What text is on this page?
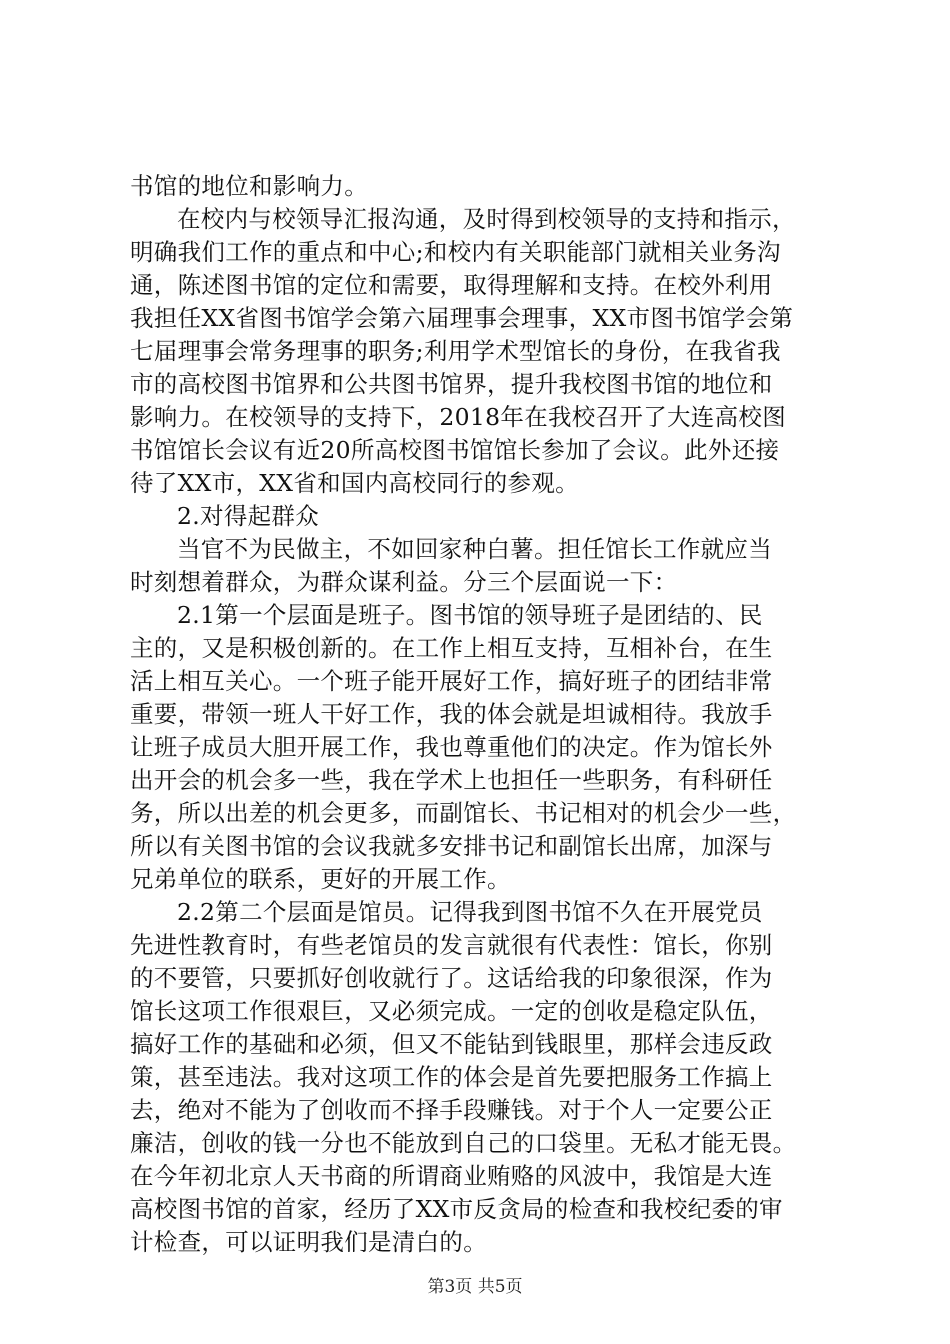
书馆的地位和影响力。
在校内与校领导汇报沟通，及时得到校领导的支持和指示，
明确我们工作的重点和中心;和校内有关职能部门就相关业务沟
通，陈述图书馆的定位和需要，取得理解和支持。在校外利用
我担任XX省图书馆学会第六届理事会理事，XX市图书馆学会第
七届理事会常务理事的职务;利用学术型馆长的身份，在我省我
市的高校图书馆界和公共图书馆界，提升我校图书馆的地位和
影响力。在校领导的支持下，2018年在我校召开了大连高校图
书馆馆长会议有近20所高校图书馆馆长参加了会议。此外还接
待了XX市，XX省和国内高校同行的参观。
2.对得起群众
当官不为民做主，不如回家种白薯。担任馆长工作就应当
时刻想着群众，为群众谋利益。分三个层面说一下：
2.1第一个层面是班子。图书馆的领导班子是团结的、民
主的，又是积极创新的。在工作上相互支持，互相补台，在生
活上相互关心。一个班子能开展好工作，搞好班子的团结非常
重要，带领一班人干好工作，我的体会就是坦诚相待。我放手
让班子成员大胆开展工作，我也尊重他们的决定。作为馆长外
出开会的机会多一些，我在学术上也担任一些职务，有科研任
务，所以出差的机会更多，而副馆长、书记相对的机会少一些，
所以有关图书馆的会议我就多安排书记和副馆长出席，加深与
兄弟单位的联系，更好的开展工作。
2.2第二个层面是馆员。记得我到图书馆不久在开展党员
先进性教育时，有些老馆员的发言就很有代表性：馆长，你别
的不要管，只要抓好创收就行了。这话给我的印象很深，作为
馆长这项工作很艰巨，又必须完成。一定的创收是稳定队伍，
搞好工作的基础和必须，但又不能钻到钱眼里，那样会违反政
策，甚至违法。我对这项工作的体会是首先要把服务工作搞上
去，绝对不能为了创收而不择手段赚钱。对于个人一定要公正
廉洁，创收的钱一分也不能放到自己的口袋里。无私才能无畏。
在今年初北京人天书商的所谓商业贿赂的风波中，我馆是大连
高校图书馆的首家，经历了XX市反贪局的检查和我校纪委的审
计检查，可以证明我们是清白的。
第3页 共5页
